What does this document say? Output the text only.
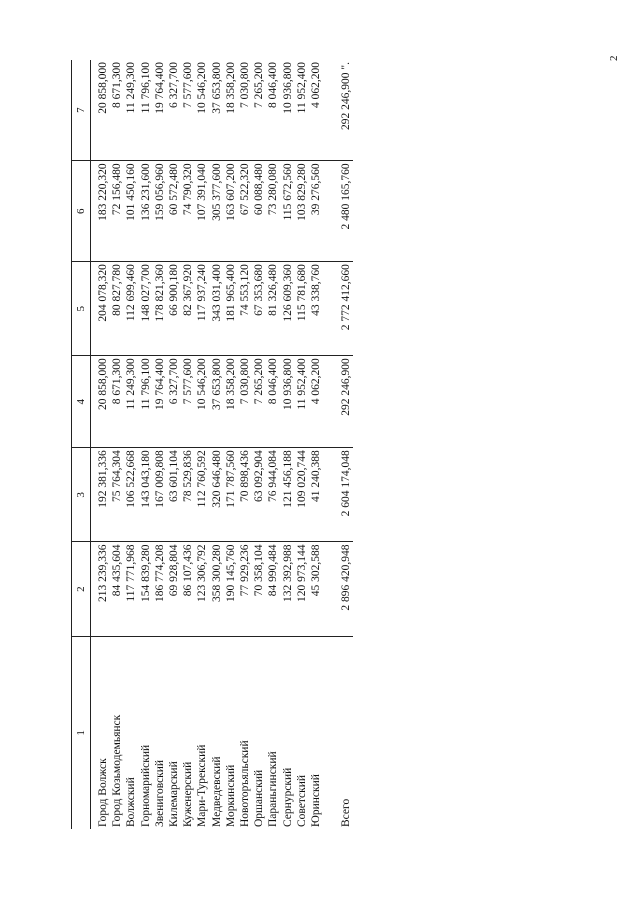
2
1	2	3	4	5	6	7
Город Волжск	213 239,336	192 381,336	20 858,000	204 078,320	183 220,320	20 858,000
Город Козьмодемьянск	84 435,604	75 764,304	8 671,300	80 827,780	72 156,480	8 671,300
Волжский	117 771,968	106 522,668	11 249,300	112 699,460	101 450,160	11 249,300
Горномарийский	154 839,280	143 043,180	11 796,100	148 027,700	136 231,600	11 796,100
Звениговский	186 774,208	167 009,808	19 764,400	178 821,360	159 056,960	19 764,400
Килемарский	69 928,804	63 601,104	6 327,700	66 900,180	60 572,480	6 327,700
Куженерский	86 107,436	78 529,836	7 577,600	82 367,920	74 790,320	7 577,600
Мари-Турекский	123 306,792	112 760,592	10 546,200	117 937,240	107 391,040	10 546,200
Медведевский	358 300,280	320 646,480	37 653,800	343 031,400	305 377,600	37 653,800
Моркинский	190 145,760	171 787,560	18 358,200	181 965,400	163 607,200	18 358,200
Новоторъяльский	77 929,236	70 898,436	7 030,800	74 553,120	67 522,320	7 030,800
Оршанский	70 358,104	63 092,904	7 265,200	67 353,680	60 088,480	7 265,200
Параньгинский	84 990,484	76 944,084	8 046,400	81 326,480	73 280,080	8 046,400
Сернурский	132 392,988	121 456,188	10 936,800	126 609,360	115 672,560	10 936,800
Советский	120 973,144	109 020,744	11 952,400	115 781,680	103 829,280	11 952,400
Юринский	45 302,588	41 240,388	4 062,200	43 338,760	39 276,560	4 062,200
Всего	2 896 420,948	2 604 174,048	292 246,900	2 772 412,660	2 480 165,760	292 246,900 ".
